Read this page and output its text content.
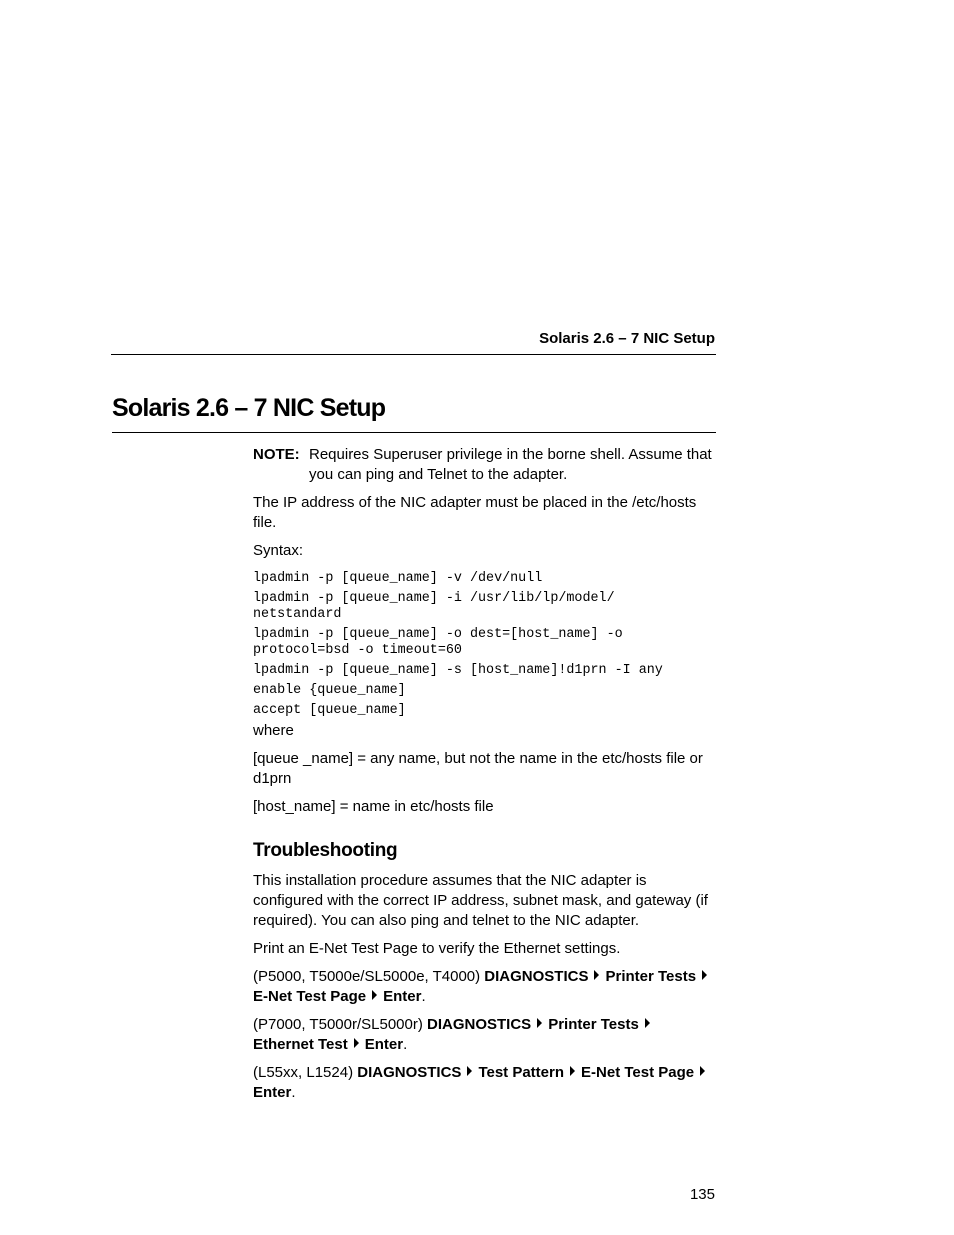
Solaris 2.6 – 7 NIC Setup
Solaris 2.6 – 7 NIC Setup
NOTE: Requires Superuser privilege in the borne shell. Assume that you can ping and Telnet to the adapter.

The IP address of the NIC adapter must be placed in the /etc/hosts file.

Syntax:

lpadmin -p [queue_name] -v /dev/null
lpadmin -p [queue_name] -i /usr/lib/lp/model/
netstandard
lpadmin -p [queue_name] -o dest=[host_name] -o
protocol=bsd -o timeout=60
lpadmin -p [queue_name] -s [host_name]!d1prn -I any
enable {queue_name]
accept [queue_name]

where

[queue _name] = any name, but not the name in the etc/hosts file or d1prn

[host_name] = name in etc/hosts file

Troubleshooting

This installation procedure assumes that the NIC adapter is configured with the correct IP address, subnet mask, and gateway (if required). You can also ping and telnet to the NIC adapter.

Print an E-Net Test Page to verify the Ethernet settings.

(P5000, T5000e/SL5000e, T4000) DIAGNOSTICS Printer TestsE-Net Test Page Enter.

(P7000, T5000r/SL5000r) DIAGNOSTICS Printer TestsEthernet Test Enter.

(L55xx, L1524) DIAGNOSTICS Test Pattern E-Net Test PageEnter.

135
